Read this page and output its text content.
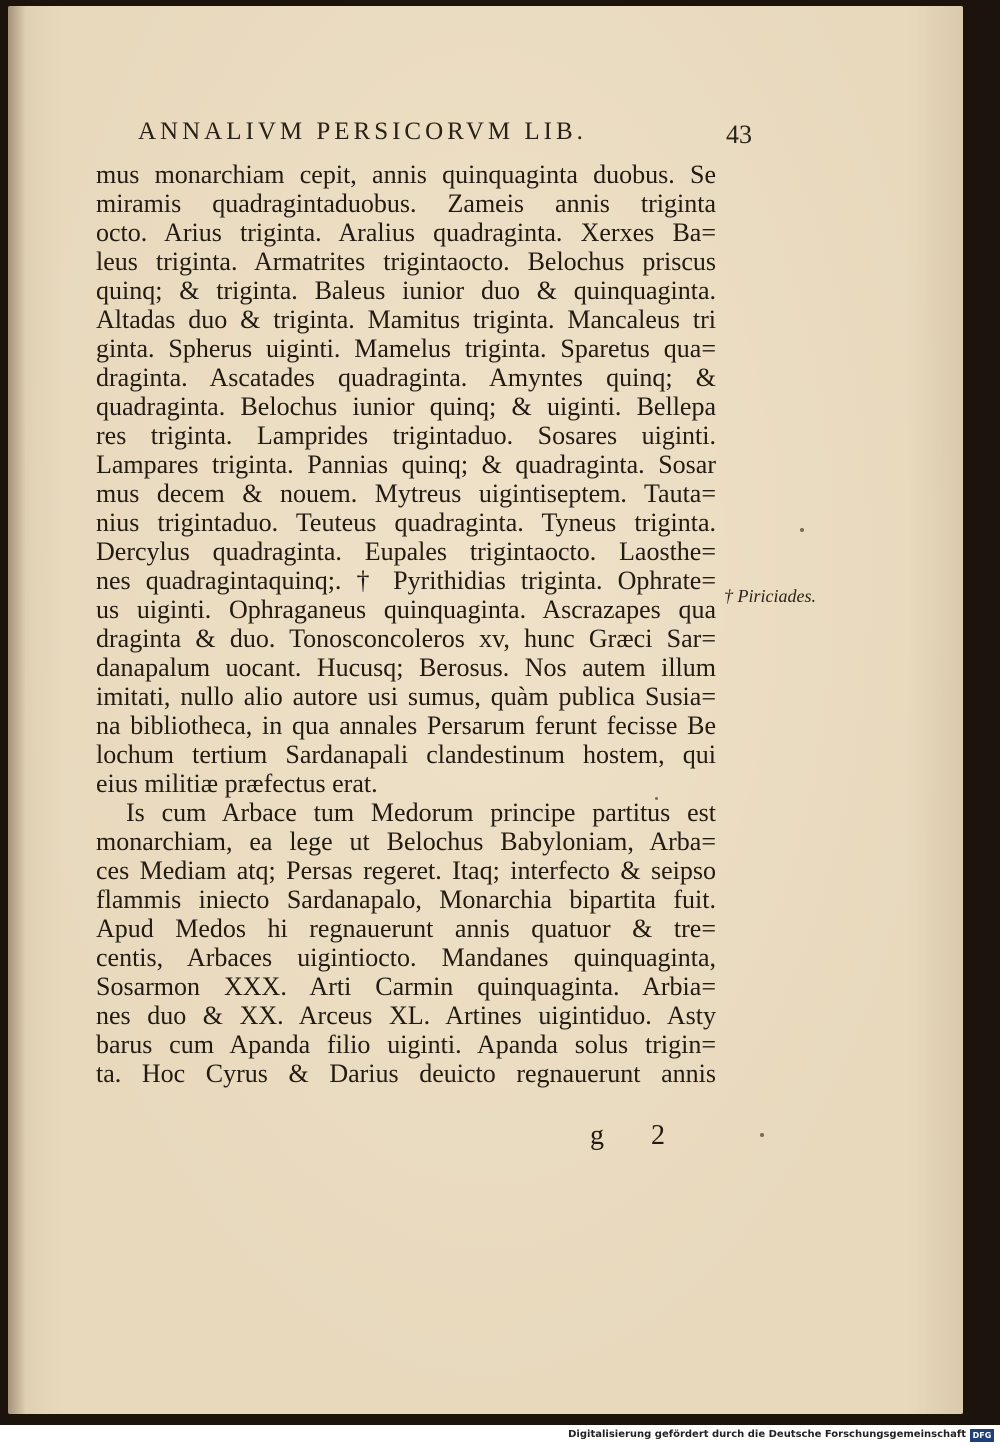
ANNALIVM PERSICORVM LIB.	43
mus monarchiam cepit, annis quinquaginta duobus. Se
miramis quadragintaduobus. Zameis annis triginta
octo. Arius triginta. Aralius quadraginta. Xerxes Ba=
leus triginta. Armatrites trigintaocto. Belochus priscus
quinq; & triginta. Baleus iunior duo & quinquaginta.
Altadas duo & triginta. Mamitus triginta. Mancaleus tri
ginta. Spherus uiginti. Mamelus triginta. Sparetus qua=
draginta. Ascatades quadraginta. Amyntes quinq; &
quadraginta. Belochus iunior quinq; & uiginti. Bellepa
res triginta. Lamprides trigintaduo. Sosares uiginti.
Lampares triginta. Pannias quinq; & quadraginta. Sosar
mus decem & nouem. Mytreus uigintiseptem. Tauta=
nius trigintaduo. Teuteus quadraginta. Tyneus triginta.
Dercylus quadraginta. Eupales trigintaocto. Laosthe=
nes quadragintaquinq;. † Pyrithidias triginta. Ophrate=
us uiginti. Ophraganeus quinquaginta. Ascrazapes qua
draginta & duo. Tonosconcoleros xv, hunc Græci Sar=
danapalum uocant. Hucusq; Berosus. Nos autem illum
imitati, nullo alio autore usi sumus, quàm publica Susia=
na bibliotheca, in qua annales Persarum ferunt fecisse Be
lochum tertium Sardanapali clandestinum hostem, qui
eius militiæ præfectus erat.
Is cum Arbace tum Medorum principe partitus est
monarchiam, ea lege ut Belochus Babyloniam, Arba=
ces Mediam atq; Persas regeret. Itaq; interfecto & seipso
flammis iniecto Sardanapalo, Monarchia bipartita fuit.
Apud Medos hi regnauerunt annis quatuor & tre=
centis, Arbaces uigintiocto. Mandanes quinquaginta,
Sosarmon XXX. Arti Carmin quinquaginta. Arbia=
nes duo & XX. Arceus XL. Artines uigintiduo. Asty
barus cum Apanda filio uiginti. Apanda solus trigin=
ta. Hoc Cyrus & Darius deuicto regnauerunt annis
† Piriciades.
g 2
Digitalisierung gefördert durch die Deutsche Forschungsgemeinschaft DFG
